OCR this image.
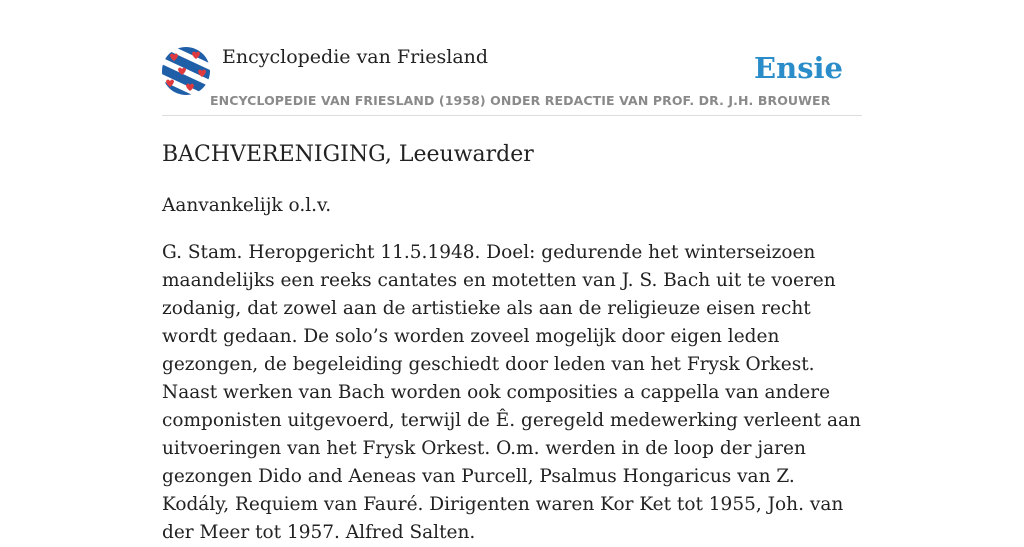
Encyclopedie van Friesland
ENCYCLOPEDIE VAN FRIESLAND (1958) ONDER REDACTIE VAN PROF. DR. J.H. BROUWER
Ensie
BACHVERENIGING, Leeuwarder

Aanvankelijk o.l.v.

G. Stam. Heropgericht 11.5.1948. Doel: gedurende het winterseizoen maandelijks een reeks cantates en motetten van J. S. Bach uit te voeren zodanig, dat zowel aan de artistieke als aan de religieuze eisen recht wordt gedaan. De solo’s worden zoveel mogelijk door eigen leden gezongen, de begeleiding geschiedt door leden van het Frysk Orkest. Naast werken van Bach worden ook composities a cappella van andere componisten uitgevoerd, terwijl de Ê. geregeld medewerking verleent aan uitvoeringen van het Frysk Orkest. O.m. werden in de loop der jaren gezongen Dido and Aeneas van Purcell, Psalmus Hongaricus van Z. Kodály, Requiem van Fauré. Dirigenten waren Kor Ket tot 1955, Joh. van der Meer tot 1957. Alfred Salten.
